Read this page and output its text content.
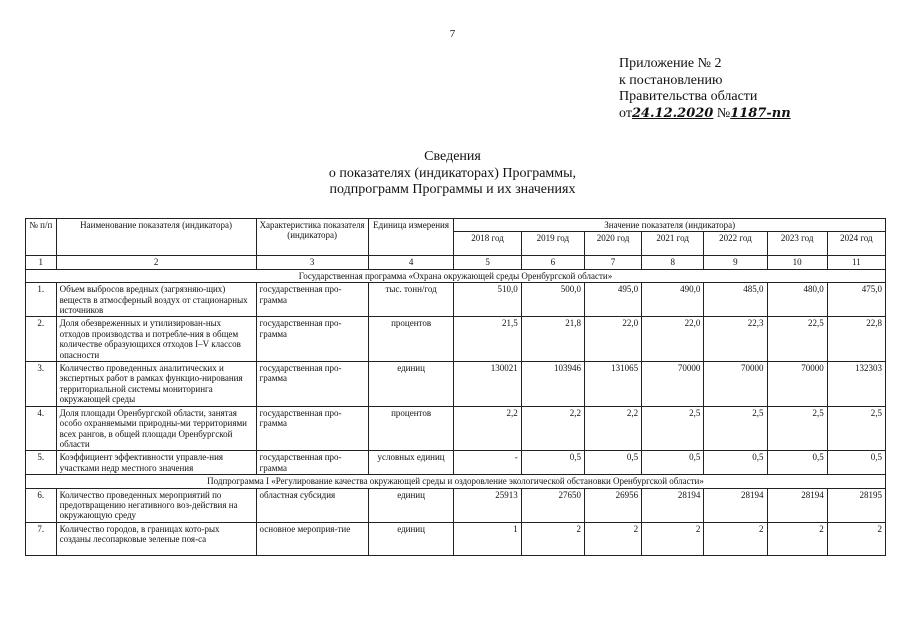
7
Приложение № 2
к постановлению
Правительства области
от24.12.2020 №1187-пп
Сведения
о показателях (индикаторах) Программы,
подпрограмм Программы и их значениях
№ п/п	Наименование показателя (индикатора)	Характеристика показателя (индикатора)	Единица измерения	Значение показателя (индикатора)						
				2018 год	2019 год	2020 год	2021 год	2022 год	2023 год	2024 год
1	2	3	4	5	6	7	8	9	10	11
Государственная программа «Охрана окружающей среды Оренбургской области»										
1.	Объем выбросов вредных (загрязняю-щих) веществ в атмосферный воздух от стационарных источников	государственная про-грамма	тыс. тонн/год	510,0	500,0	495,0	490,0	485,0	480,0	475,0
2.	Доля обезвреженных и утилизирован-ных отходов производства и потребле-ния в общем количестве образующихся отходов I–V классов опасности	государственная про-грамма	процентов	21,5	21,8	22,0	22,0	22,3	22,5	22,8
3.	Количество проведенных аналитических и экспертных работ в рамках функцио-нирования территориальной системы мониторинга окружающей среды	государственная про-грамма	единиц	130021	103946	131065	70000	70000	70000	132303
4.	Доля площади Оренбургской области, занятая особо охраняемыми природны-ми территориями всех рангов, в общей площади Оренбургской области	государственная про-грамма	процентов	2,2	2,2	2,2	2,5	2,5	2,5	2,5
5.	Коэффициент эффективности управле-ния участками недр местного значения	государственная про-грамма	условных единиц	-	0,5	0,5	0,5	0,5	0,5	0,5
Подпрограмма I «Регулирование качества окружающей среды и оздоровление экологической обстановки Оренбургской области»										
6.	Количество проведенных мероприятий по предотвращению негативного воз-действия на окружающую среду	областная субсидия	единиц	25913	27650	26956	28194	28194	28194	28195
7.	Количество городов, в границах кото-рых созданы лесопарковые зеленые поя-са	основное мероприя-тие	единиц	1	2	2	2	2	2	2
